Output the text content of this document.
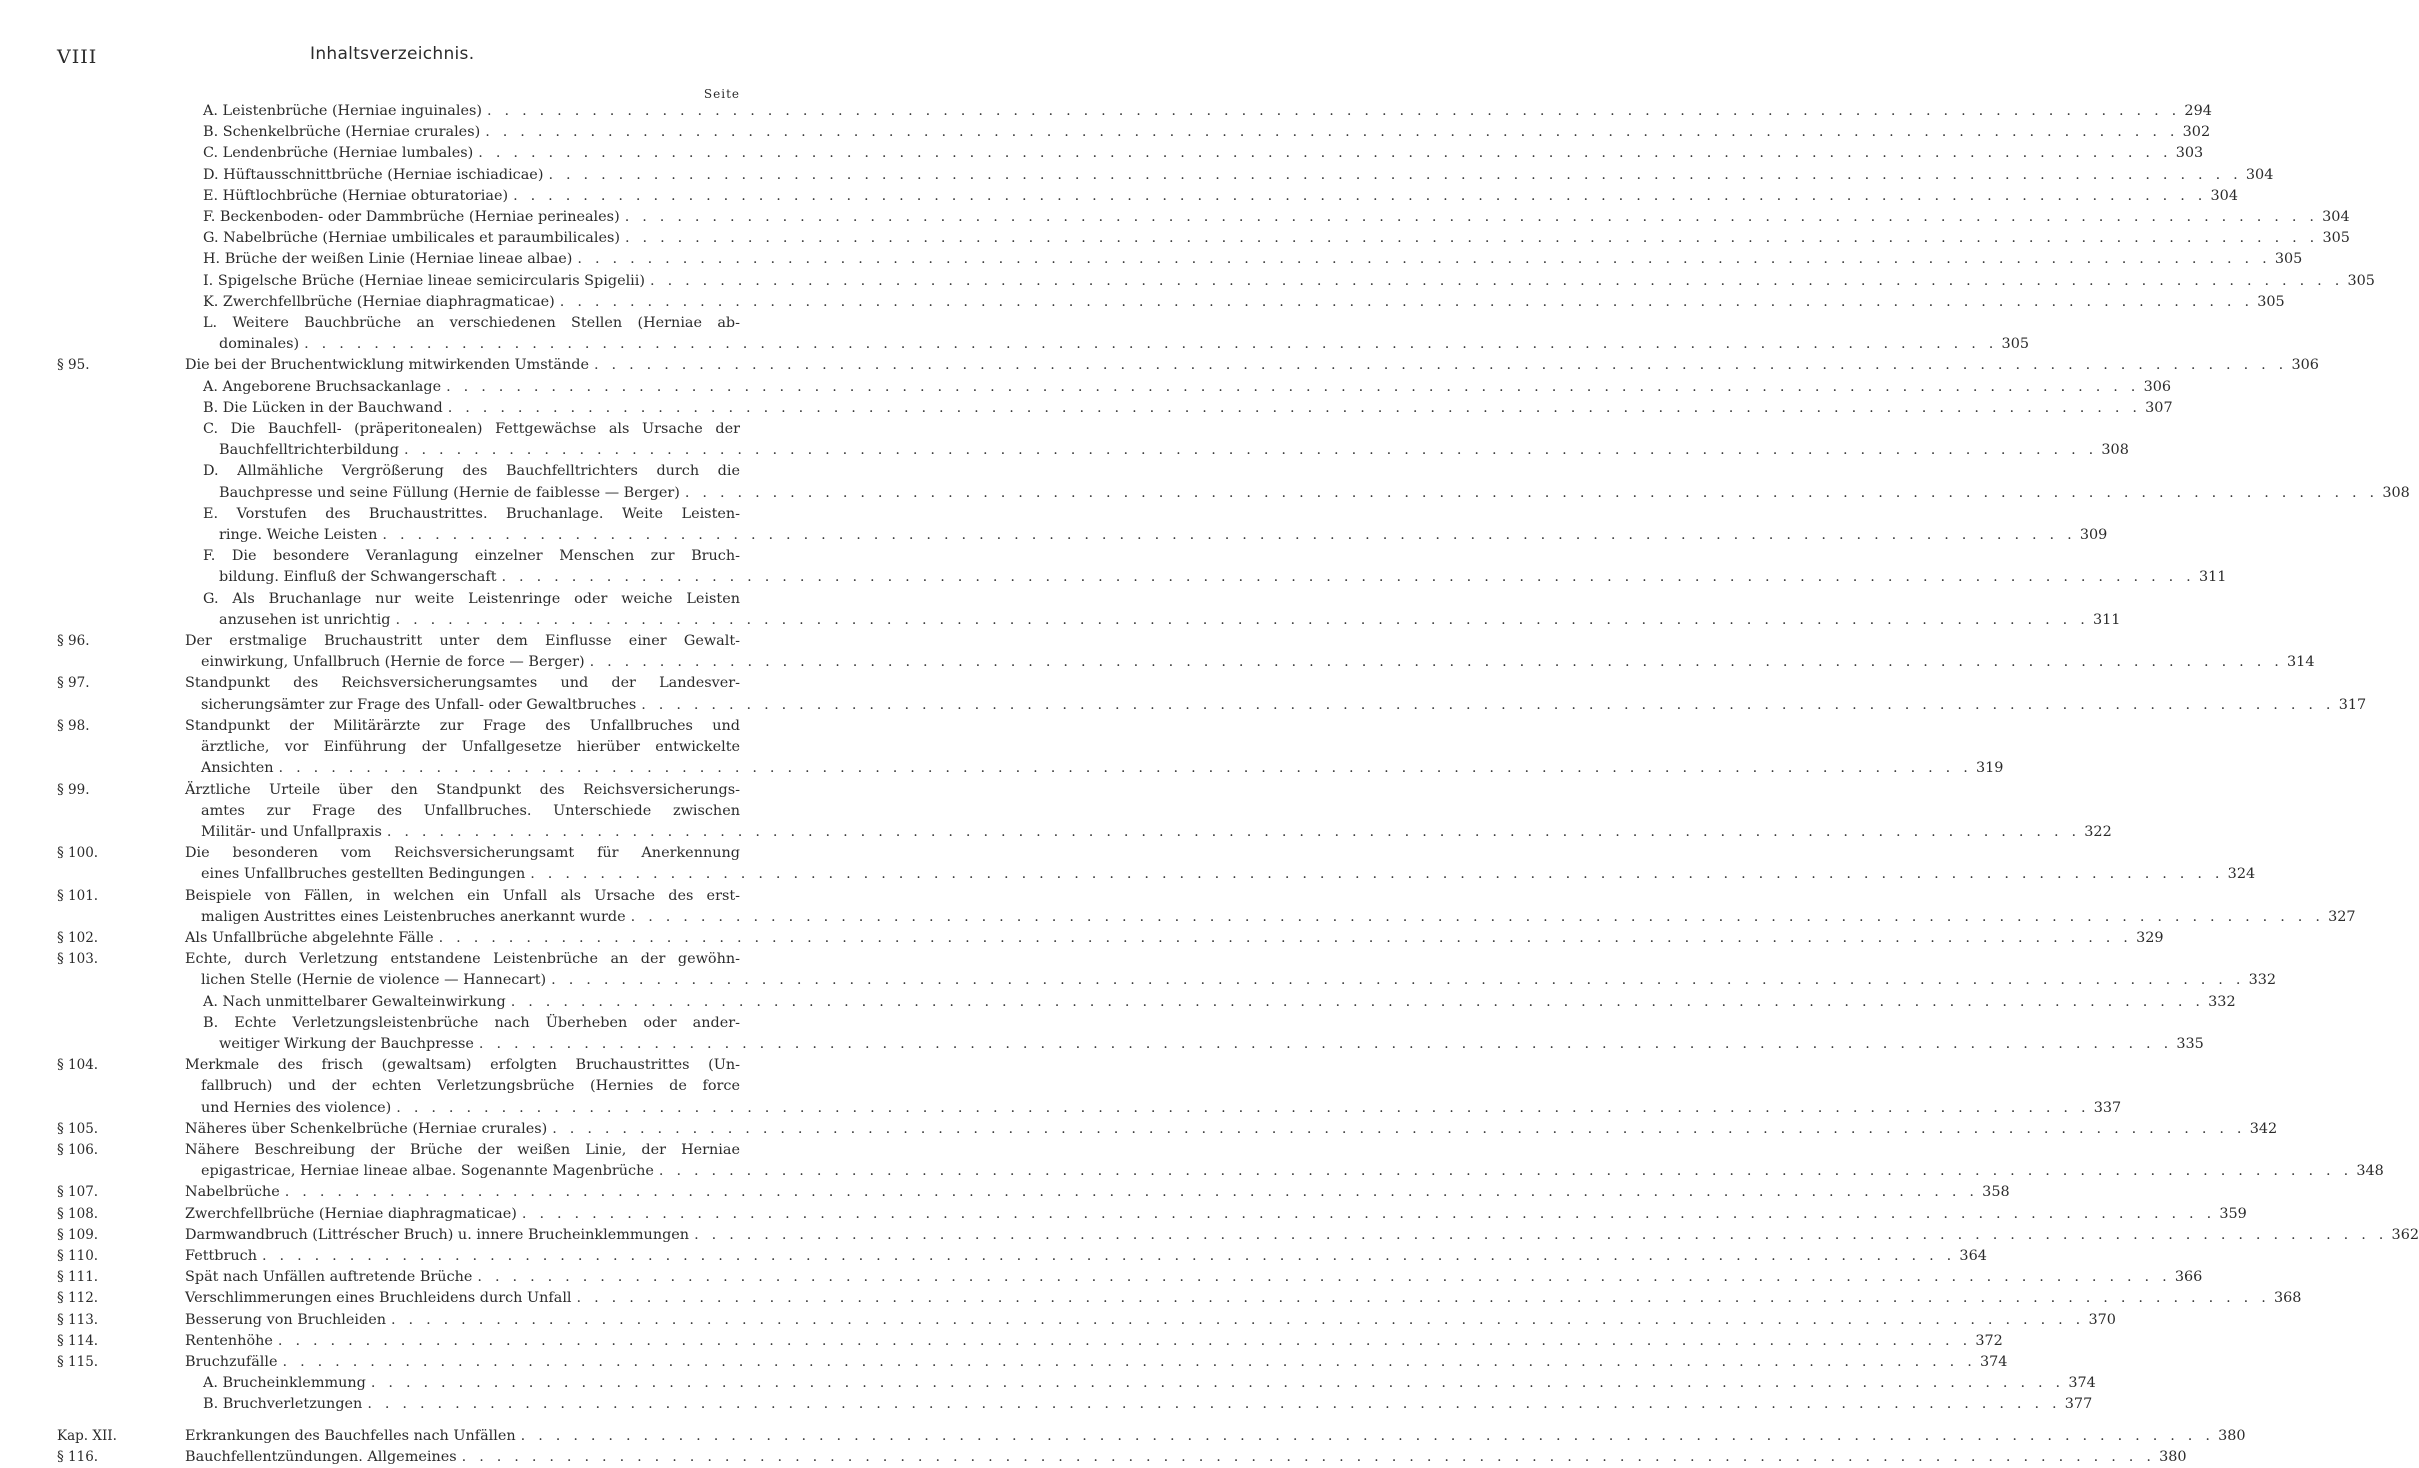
VIII	Inhaltsverzeichnis.
Seite
A. Leistenbrüche (Herniae inguinales) . . .	294
B. Schenkelbrüche (Herniae crurales) . . .	302
C. Lendenbrüche (Herniae lumbales) . . .	303
D. Hüftausschnittbrüche (Herniae ischiadicae) . . .	304
E. Hüftlochbrüche (Herniae obturatoriae) . . .	304
F. Beckenboden- oder Dammbrüche (Herniae perineales) . . .	304
G. Nabelbrüche (Herniae umbilicales et paraumbilicales) . . .	305
H. Brüche der weißen Linie (Herniae lineae albae) . . .	305
I. Spigelsche Brüche (Herniae lineae semicircularis Spigelii) . . .	305
K. Zwerchfellbrüche (Herniae diaphragmaticae) . . .	305
L. Weitere Bauchbrüche an verschiedenen Stellen (Herniae ab-
dominales) . . .	305
§ 95.	Die bei der Bruchentwicklung mitwirkenden Umstände . . .	306
A. Angeborene Bruchsackanlage . . .	306
B. Die Lücken in der Bauchwand . . .	307
C. Die Bauchfell- (präperitonealen) Fettgewächse als Ursache der
Bauchfelltrichterbildung . . .	308
D. Allmähliche Vergrößerung des Bauchfelltrichters durch die
Bauchpresse und seine Füllung (Hernie de faiblesse — Berger) . . .	308
E. Vorstufen des Bruchaustrittes. Bruchanlage. Weite Leisten-
ringe. Weiche Leisten . . .	309
F. Die besondere Veranlagung einzelner Menschen zur Bruch-
bildung. Einfluß der Schwangerschaft . . .	311
G. Als Bruchanlage nur weite Leistenringe oder weiche Leisten
anzusehen ist unrichtig . . .	311
§ 96.	Der erstmalige Bruchaustritt unter dem Einflusse einer Gewalt-
einwirkung, Unfallbruch (Hernie de force — Berger) . . .	314
§ 97.	Standpunkt des Reichsversicherungsamtes und der Landesver-
sicherungsämter zur Frage des Unfall- oder Gewaltbruches . . .	317
§ 98.	Standpunkt der Militärärzte zur Frage des Unfallbruches und
ärztliche, vor Einführung der Unfallgesetze hierüber entwickelte
Ansichten . . .	319
§ 99.	Ärztliche Urteile über den Standpunkt des Reichsversicherungs-
amtes zur Frage des Unfallbruches. Unterschiede zwischen
Militär- und Unfallpraxis . . .	322
§ 100.	Die besonderen vom Reichsversicherungsamt für Anerkennung
eines Unfallbruches gestellten Bedingungen . . .	324
§ 101.	Beispiele von Fällen, in welchen ein Unfall als Ursache des erst-
maligen Austrittes eines Leistenbruches anerkannt wurde . . .	327
§ 102.	Als Unfallbrüche abgelehnte Fälle . . .	329
§ 103.	Echte, durch Verletzung entstandene Leistenbrüche an der gewöhn-
lichen Stelle (Hernie de violence — Hannecart) . . .	332
A. Nach unmittelbarer Gewalteinwirkung . . .	332
B. Echte Verletzungsleistenbrüche nach Überheben oder ander-
weitiger Wirkung der Bauchpresse . . .	335
§ 104.	Merkmale des frisch (gewaltsam) erfolgten Bruchaustrittes (Un-
fallbruch) und der echten Verletzungsbrüche (Hernies de force
und Hernies des violence) . . .	337
§ 105.	Näheres über Schenkelbrüche (Herniae crurales) . . .	342
§ 106.	Nähere Beschreibung der Brüche der weißen Linie, der Herniae
epigastricae, Herniae lineae albae. Sogenannte Magenbrüche . . .	348
§ 107.	Nabelbrüche . . .	358
§ 108.	Zwerchfellbrüche (Herniae diaphragmaticae) . . .	359
§ 109.	Darmwandbruch (Littréscher Bruch) u. innere Brucheinklemmungen . . .	362
§ 110.	Fettbruch . . .	364
§ 111.	Spät nach Unfällen auftretende Brüche . . .	366
§ 112.	Verschlimmerungen eines Bruchleidens durch Unfall . . .	368
§ 113.	Besserung von Bruchleiden . . .	370
§ 114.	Rentenhöhe . . .	372
§ 115.	Bruchzufälle . . .	374
A. Brucheinklemmung . . .	374
B. Bruchverletzungen . . .	377
Kap. XII.	Erkrankungen des Bauchfelles nach Unfällen . . .	380
§ 116.	Bauchfellentzündungen. Allgemeines . . .	380
